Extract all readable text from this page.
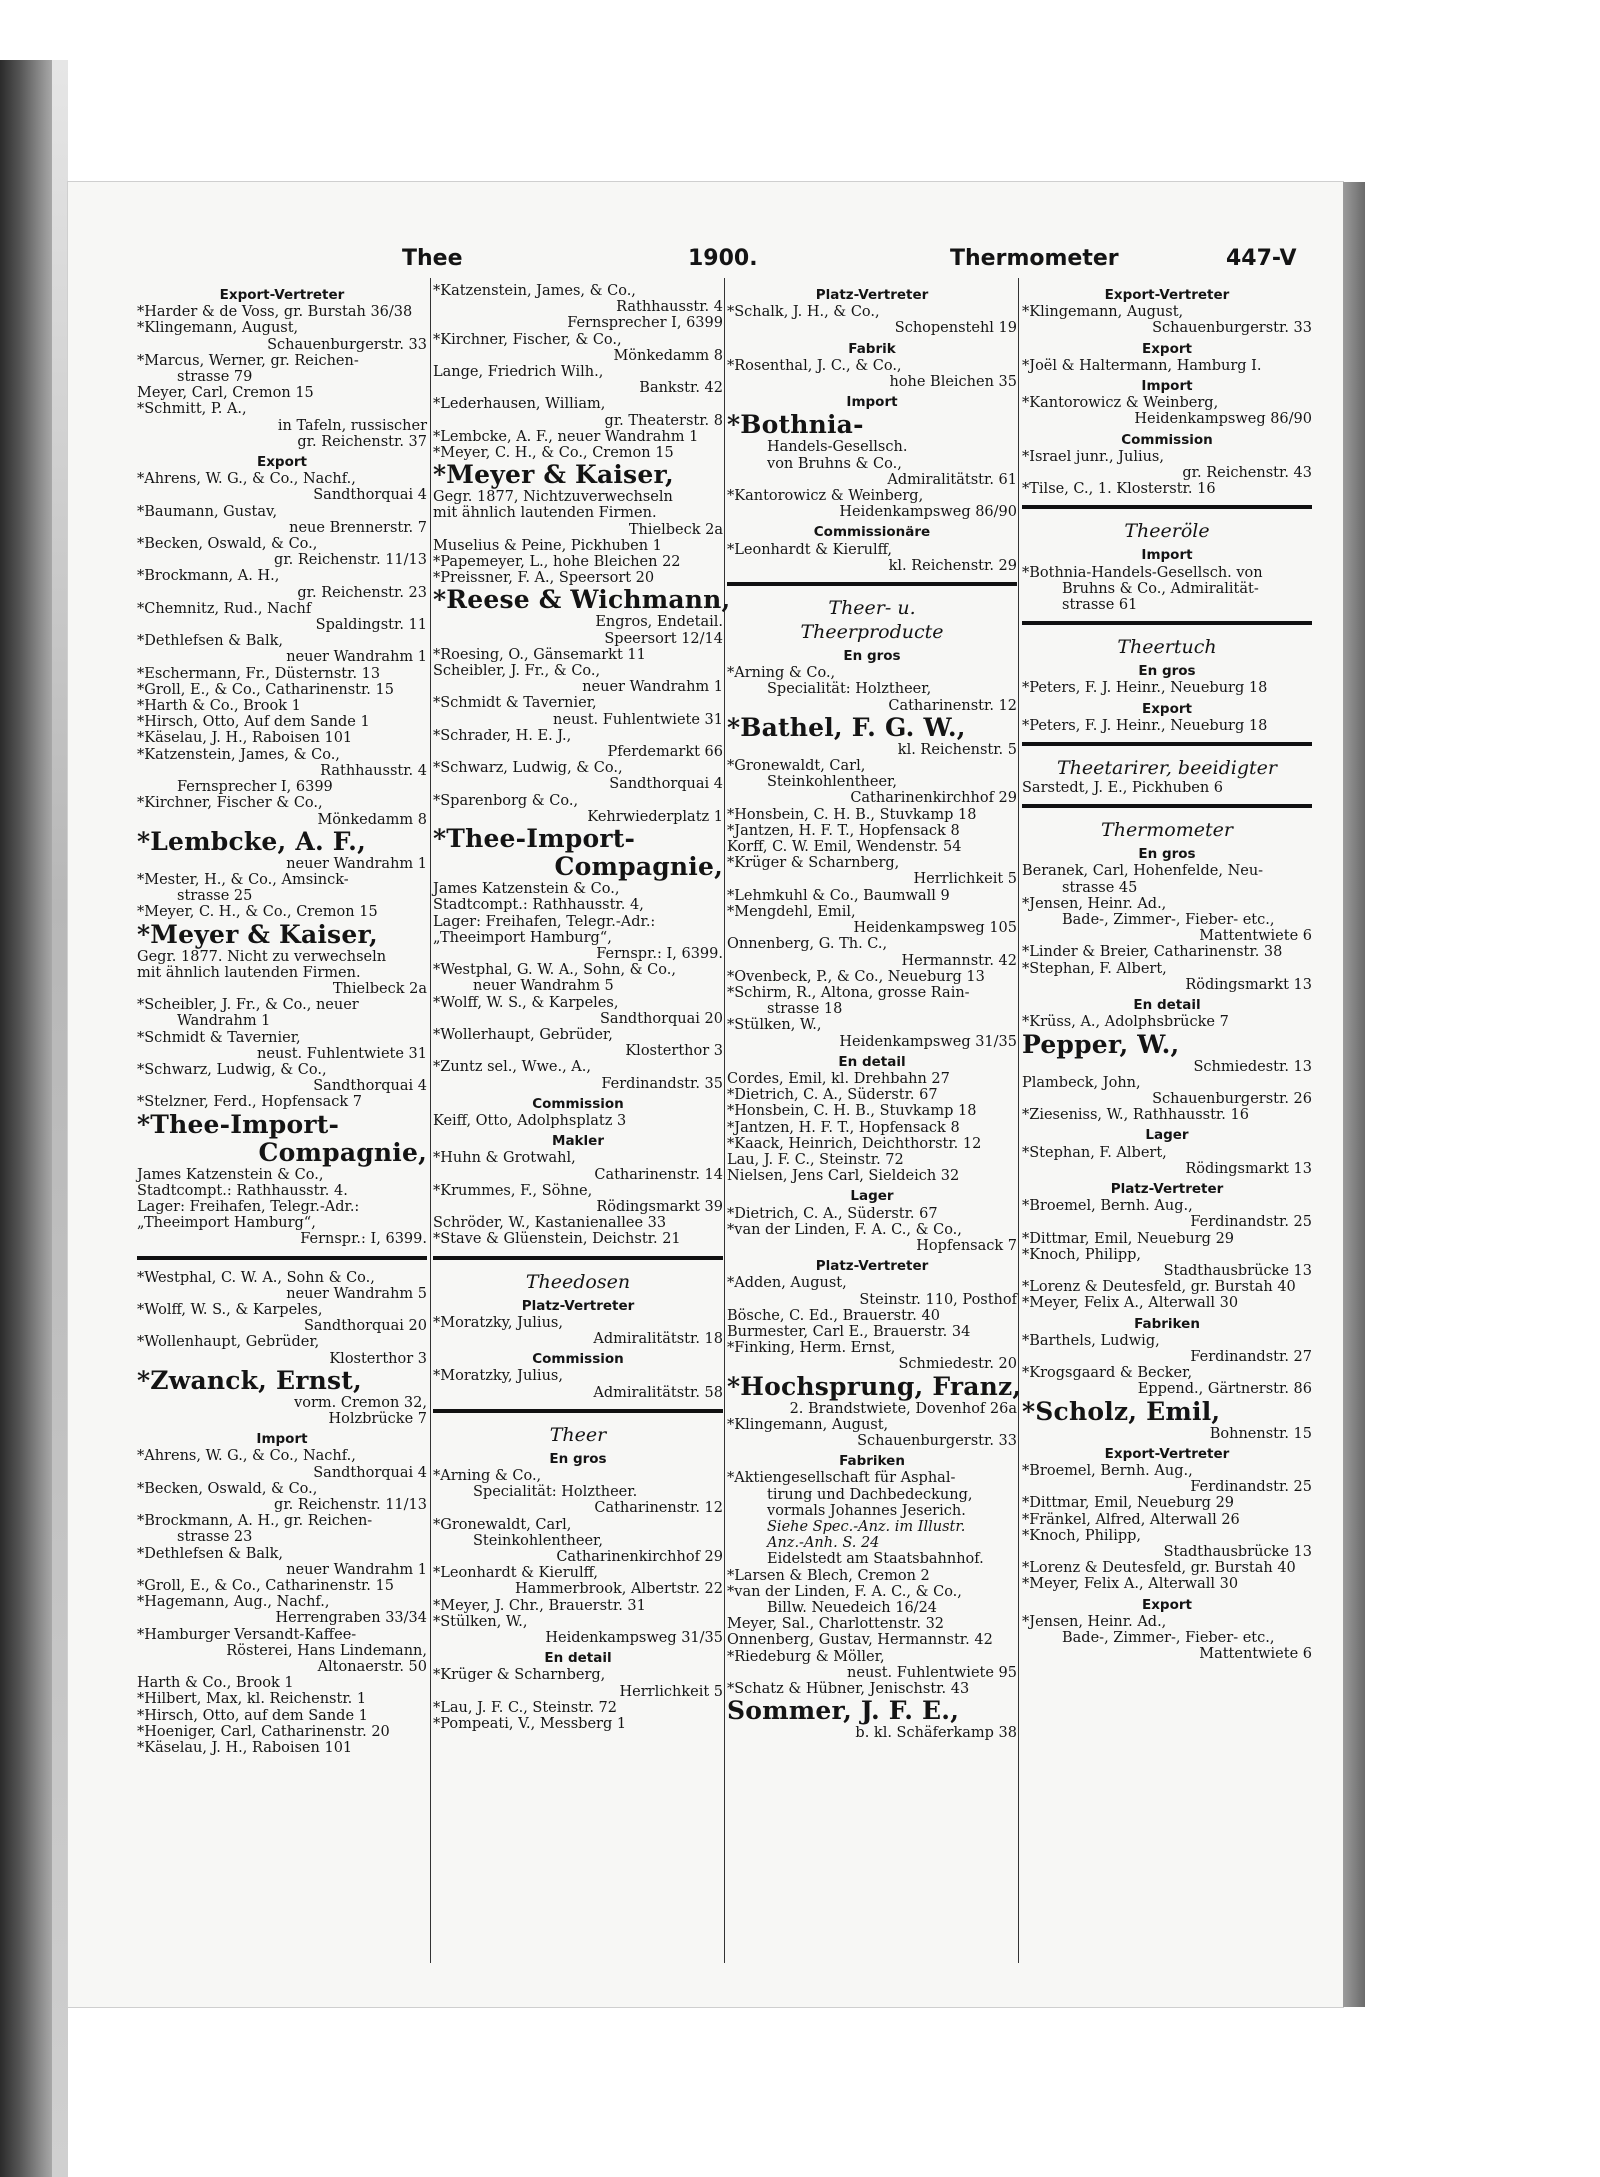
Thee	1900.	Thermometer	447-V
Export-Vertreter
*Harder & de Voss, gr. Burstah 36/38
*Klingemann, August,
Schauenburgerstr. 33
*Marcus, Werner, gr. Reichen-
strasse 79
Meyer, Carl, Cremon 15
*Schmitt, P. A.,
in Tafeln, russischer
gr. Reichenstr. 37
Export
*Ahrens, W. G., & Co., Nachf.,
Sandthorquai 4
*Baumann, Gustav,
neue Brennerstr. 7
*Becken, Oswald, & Co.,
gr. Reichenstr. 11/13
*Brockmann, A. H.,
gr. Reichenstr. 23
*Chemnitz, Rud., Nachf
Spaldingstr. 11
*Dethlefsen & Balk,
neuer Wandrahm 1
*Eschermann, Fr., Düsternstr. 13
*Groll, E., & Co., Catharinenstr. 15
*Harth & Co., Brook 1
*Hirsch, Otto, Auf dem Sande 1
*Käselau, J. H., Raboisen 101
*Katzenstein, James, & Co.,
Rathhausstr. 4
Fernsprecher I, 6399
*Kirchner, Fischer & Co.,
Mönkedamm 8
*Lembcke, A. F.,
neuer Wandrahm 1
*Mester, H., & Co., Amsinck-
strasse 25
*Meyer, C. H., & Co., Cremon 15
*Meyer & Kaiser,
Gegr. 1877. Nicht zu verwechseln
mit ähnlich lautenden Firmen.
Thielbeck 2a
*Scheibler, J. Fr., & Co., neuer
Wandrahm 1
*Schmidt & Tavernier,
neust. Fuhlentwiete 31
*Schwarz, Ludwig, & Co.,
Sandthorquai 4
*Stelzner, Ferd., Hopfensack 7
*Thee-Import-
Compagnie,
James Katzenstein & Co.,
Stadtcompt.: Rathhausstr. 4.
Lager: Freihafen, Telegr.-Adr.:
„Theeimport Hamburg“,
Fernspr.: I, 6399.
*Westphal, C. W. A., Sohn & Co.,
neuer Wandrahm 5
*Wolff, W. S., & Karpeles,
Sandthorquai 20
*Wollenhaupt, Gebrüder,
Klosterthor 3
*Zwanck, Ernst,
vorm. Cremon 32,
Holzbrücke 7
Import
*Ahrens, W. G., & Co., Nachf.,
Sandthorquai 4
*Becken, Oswald, & Co.,
gr. Reichenstr. 11/13
*Brockmann, A. H., gr. Reichen-
strasse 23
*Dethlefsen & Balk,
neuer Wandrahm 1
*Groll, E., & Co., Catharinenstr. 15
*Hagemann, Aug., Nachf.,
Herrengraben 33/34
*Hamburger Versandt-Kaffee-
Rösterei, Hans Lindemann,
Altonaerstr. 50
Harth & Co., Brook 1
*Hilbert, Max, kl. Reichenstr. 1
*Hirsch, Otto, auf dem Sande 1
*Hoeniger, Carl, Catharinenstr. 20
*Käselau, J. H., Raboisen 101
*Katzenstein, James, & Co.,
Rathhausstr. 4
Fernsprecher I, 6399
*Kirchner, Fischer, & Co.,
Mönkedamm 8
Lange, Friedrich Wilh.,
Bankstr. 42
*Lederhausen, William,
gr. Theaterstr. 8
*Lembcke, A. F., neuer Wandrahm 1
*Meyer, C. H., & Co., Cremon 15
*Meyer & Kaiser,
Gegr. 1877, Nichtzuverwechseln
mit ähnlich lautenden Firmen.
Thielbeck 2a
Muselius & Peine, Pickhuben 1
*Papemeyer, L., hohe Bleichen 22
*Preissner, F. A., Speersort 20
*Reese & Wichmann,
Engros, Endetail.
Speersort 12/14
*Roesing, O., Gänsemarkt 11
Scheibler, J. Fr., & Co.,
neuer Wandrahm 1
*Schmidt & Tavernier,
neust. Fuhlentwiete 31
*Schrader, H. E. J.,
Pferdemarkt 66
*Schwarz, Ludwig, & Co.,
Sandthorquai 4
*Sparenborg & Co.,
Kehrwiederplatz 1
*Thee-Import-
Compagnie,
James Katzenstein & Co.,
Stadtcompt.: Rathhausstr. 4,
Lager: Freihafen, Telegr.-Adr.:
„Theeimport Hamburg“,
Fernspr.: I, 6399.
*Westphal, G. W. A., Sohn, & Co.,
neuer Wandrahm 5
*Wolff, W. S., & Karpeles,
Sandthorquai 20
*Wollerhaupt, Gebrüder,
Klosterthor 3
*Zuntz sel., Wwe., A.,
Ferdinandstr. 35
Commission
Keiff, Otto, Adolphsplatz 3
Makler
*Huhn & Grotwahl,
Catharinenstr. 14
*Krummes, F., Söhne,
Rödingsmarkt 39
Schröder, W., Kastanienallee 33
*Stave & Glüenstein, Deichstr. 21
Theedosen
Platz-Vertreter
*Moratzky, Julius,
Admiralitätstr. 18
Commission
*Moratzky, Julius,
Admiralitätstr. 58
Theer
En gros
*Arning & Co.,
Specialität: Holztheer.
Catharinenstr. 12
*Gronewaldt, Carl,
Steinkohlentheer,
Catharinenkirchhof 29
*Leonhardt & Kierulff,
Hammerbrook, Albertstr. 22
*Meyer, J. Chr., Brauerstr. 31
*Stülken, W.,
Heidenkampsweg 31/35
En detail
*Krüger & Scharnberg,
Herrlichkeit 5
*Lau, J. F. C., Steinstr. 72
*Pompeati, V., Messberg 1
Platz-Vertreter
*Schalk, J. H., & Co.,
Schopenstehl 19
Fabrik
*Rosenthal, J. C., & Co.,
hohe Bleichen 35
Import
*Bothnia-
Handels-Gesellsch.
von Bruhns & Co.,
Admiralitätstr. 61
*Kantorowicz & Weinberg,
Heidenkampsweg 86/90
Commissionäre
*Leonhardt & Kierulff,
kl. Reichenstr. 29
Theer- u.
Theerproducte
En gros
*Arning & Co.,
Specialität: Holztheer,
Catharinenstr. 12
*Bathel, F. G. W.,
kl. Reichenstr. 5
*Gronewaldt, Carl,
Steinkohlentheer,
Catharinenkirchhof 29
*Honsbein, C. H. B., Stuvkamp 18
*Jantzen, H. F. T., Hopfensack 8
Korff, C. W. Emil, Wendenstr. 54
*Krüger & Scharnberg,
Herrlichkeit 5
*Lehmkuhl & Co., Baumwall 9
*Mengdehl, Emil,
Heidenkampsweg 105
Onnenberg, G. Th. C.,
Hermannstr. 42
*Ovenbeck, P., & Co., Neueburg 13
*Schirm, R., Altona, grosse Rain-
strasse 18
*Stülken, W.,
Heidenkampsweg 31/35
En detail
Cordes, Emil, kl. Drehbahn 27
*Dietrich, C. A., Süderstr. 67
*Honsbein, C. H. B., Stuvkamp 18
*Jantzen, H. F. T., Hopfensack 8
*Kaack, Heinrich, Deichthorstr. 12
Lau, J. F. C., Steinstr. 72
Nielsen, Jens Carl, Sieldeich 32
Lager
*Dietrich, C. A., Süderstr. 67
*van der Linden, F. A. C., & Co.,
Hopfensack 7
Platz-Vertreter
*Adden, August,
Steinstr. 110, Posthof
Bösche, C. Ed., Brauerstr. 40
Burmester, Carl E., Brauerstr. 34
*Finking, Herm. Ernst,
Schmiedestr. 20
*Hochsprung, Franz,
2. Brandstwiete, Dovenhof 26a
*Klingemann, August,
Schauenburgerstr. 33
Fabriken
*Aktiengesellschaft für Asphal-
tirung und Dachbedeckung,
vormals Johannes Jeserich.
Siehe Spec.-Anz. im Illustr.
Anz.-Anh. S. 24
Eidelstedt am Staatsbahnhof.
*Larsen & Blech, Cremon 2
*van der Linden, F. A. C., & Co.,
Billw. Neuedeich 16/24
Meyer, Sal., Charlottenstr. 32
Onnenberg, Gustav, Hermannstr. 42
*Riedeburg & Möller,
neust. Fuhlentwiete 95
*Schatz & Hübner, Jenischstr. 43
Sommer, J. F. E.,
b. kl. Schäferkamp 38
Export-Vertreter
*Klingemann, August,
Schauenburgerstr. 33
Export
*Joël & Haltermann, Hamburg I.
Import
*Kantorowicz & Weinberg,
Heidenkampsweg 86/90
Commission
*Israel junr., Julius,
gr. Reichenstr. 43
*Tilse, C., 1. Klosterstr. 16
Theeröle
Import
*Bothnia-Handels-Gesellsch. von
Bruhns & Co., Admiralität-
strasse 61
Theertuch
En gros
*Peters, F. J. Heinr., Neueburg 18
Export
*Peters, F. J. Heinr., Neueburg 18
Theetarirer, beeidigter
Sarstedt, J. E., Pickhuben 6
Thermometer
En gros
Beranek, Carl, Hohenfelde, Neu-
strasse 45
*Jensen, Heinr. Ad.,
Bade-, Zimmer-, Fieber- etc.,
Mattentwiete 6
*Linder & Breier, Catharinenstr. 38
*Stephan, F. Albert,
Rödingsmarkt 13
En detail
*Krüss, A., Adolphsbrücke 7
Pepper, W.,
Schmiedestr. 13
Plambeck, John,
Schauenburgerstr. 26
*Zieseniss, W., Rathhausstr. 16
Lager
*Stephan, F. Albert,
Rödingsmarkt 13
Platz-Vertreter
*Broemel, Bernh. Aug.,
Ferdinandstr. 25
*Dittmar, Emil, Neueburg 29
*Knoch, Philipp,
Stadthausbrücke 13
*Lorenz & Deutesfeld, gr. Burstah 40
*Meyer, Felix A., Alterwall 30
Fabriken
*Barthels, Ludwig,
Ferdinandstr. 27
*Krogsgaard & Becker,
Eppend., Gärtnerstr. 86
*Scholz, Emil,
Bohnenstr. 15
Export-Vertreter
*Broemel, Bernh. Aug.,
Ferdinandstr. 25
*Dittmar, Emil, Neueburg 29
*Fränkel, Alfred, Alterwall 26
*Knoch, Philipp,
Stadthausbrücke 13
*Lorenz & Deutesfeld, gr. Burstah 40
*Meyer, Felix A., Alterwall 30
Export
*Jensen, Heinr. Ad.,
Bade-, Zimmer-, Fieber- etc.,
Mattentwiete 6
